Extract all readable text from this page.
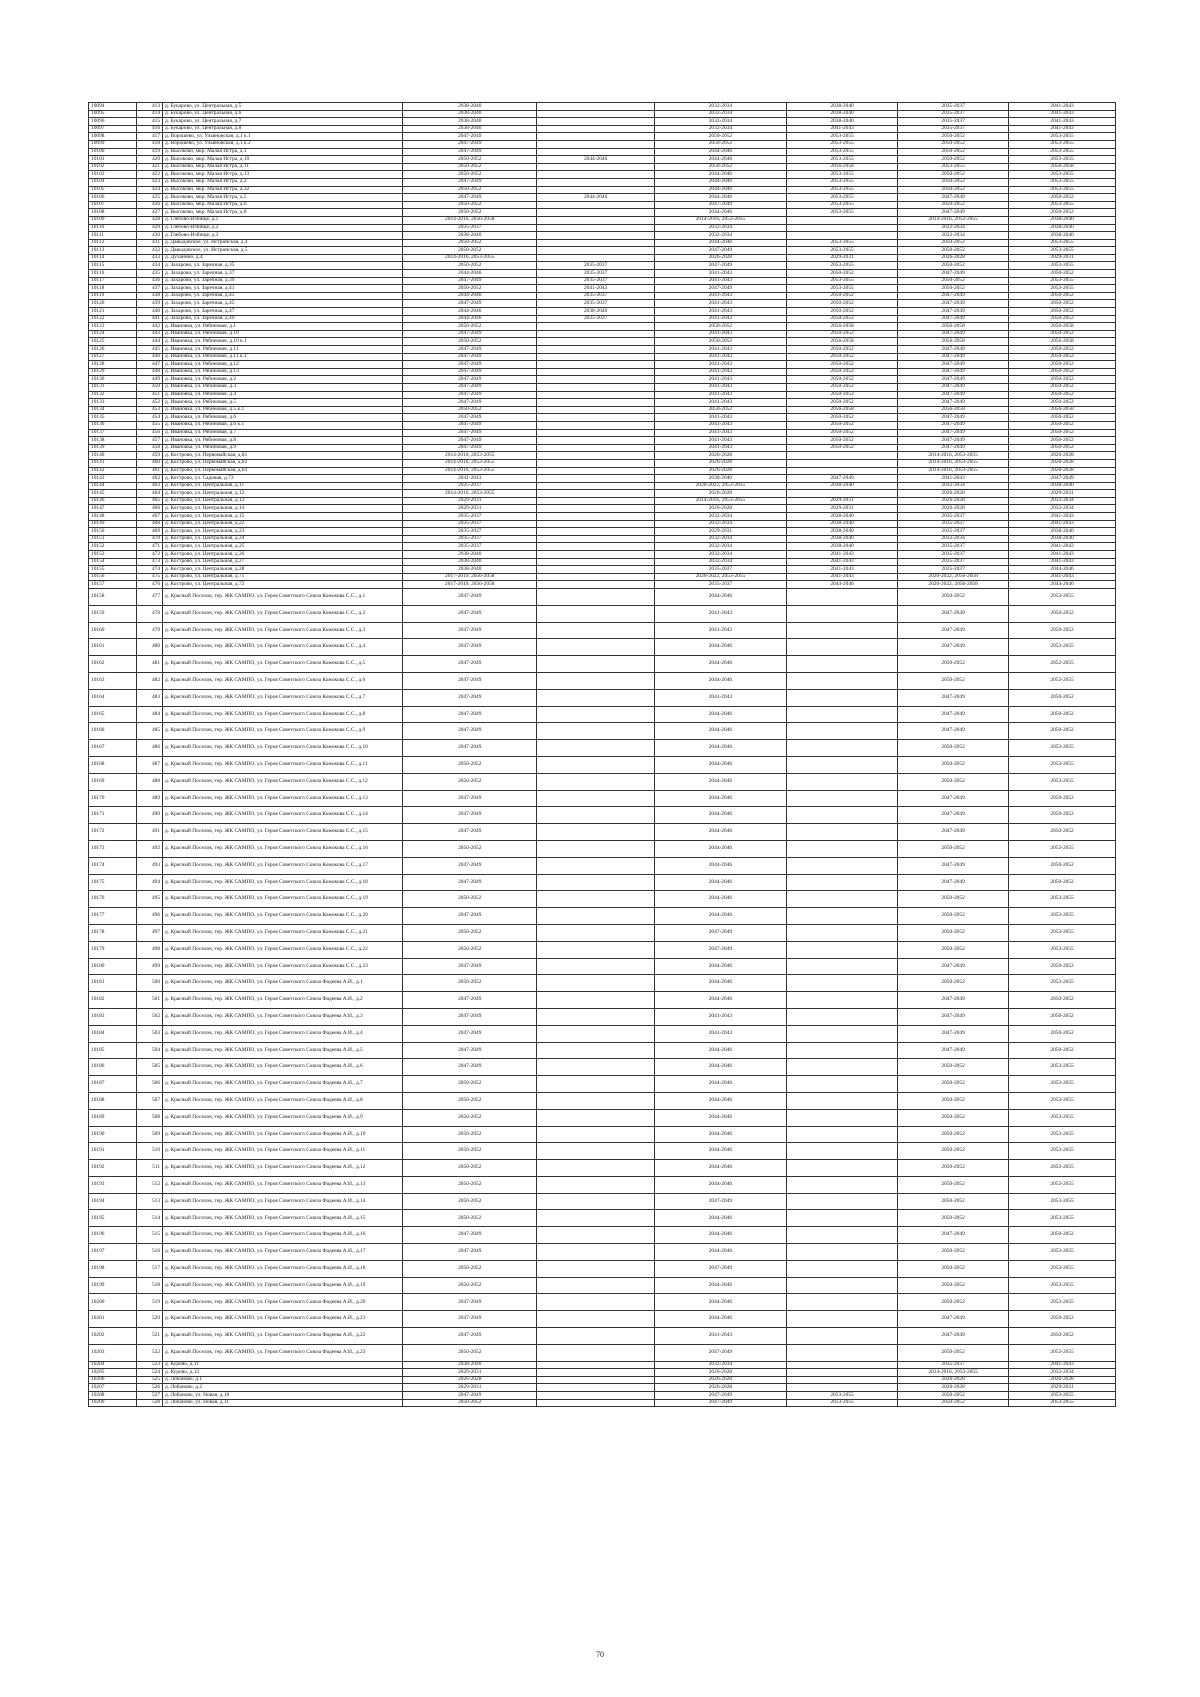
10094	413	д. Букарово, ул. Центральная, д.5	2038-2040		2032-2034	2038-2040	2035-2037	2041-2043
10095	414	д. Букарово, ул. Центральная, д.6	2038-2040		2032-2034	2038-2040	2035-2037	2041-2043
10096	415	д. Букарово, ул. Центральная, д.7	2038-2040		2032-2034	2038-2040	2035-2037	2041-2043
10097	416	д. Букарово, ул. Центральная, д.8	2038-2040		2032-2034	2041-2043	2035-2037	2041-2043
10098	417	д. Ворошево, ул. Ульяновская, д.1 к.1	2047-2049		2050-2052	2053-2055	2050-2052	2053-2055
10099	418	д. Ворошево, ул. Ульяновская, д.1 к.2	2047-2049		2050-2052	2053-2055	2050-2052	2053-2055
10100	419	д. Высоково, мкр. Малая Истра, д.1	2047-2049		2044-2046	2053-2055	2050-2052	2053-2055
10101	420	д. Высоково, мкр. Малая Истра, д.10	2050-2052	2044-2046	2044-2046	2053-2055	2050-2052	2053-2055
10102	421	д. Высоково, мкр. Малая Истра, д.11	2050-2052		2050-2052	2056-2058	2053-2055	2056-2058
10103	422	д. Высоково, мкр. Малая Истра, д.13	2050-2052		2044-2046	2053-2055	2050-2052	2053-2055
10104	423	д. Высоково, мкр. Малая Истра, д.2	2047-2049		2044-2046	2053-2055	2050-2052	2053-2055
10105	424	д. Высоково, мкр. Малая Истра, д.32	2050-2052		2044-2046	2053-2055	2050-2052	2053-2055
10106	425	д. Высоково, мкр. Малая Истра, д.5	2047-2049	2044-2046	2044-2046	2053-2055	2047-2049	2050-2052
10107	426	д. Высоково, мкр. Малая Истра, д.6	2050-2052		2047-2049	2053-2055	2050-2052	2053-2055
10108	427	д. Высоково, мкр. Малая Истра, д.8	2050-2052		2044-2046	2053-2055	2047-2049	2050-2052
10109	428	д. Глебово-Избище, д.1	2014-2016, 2056-2058		2014-2016, 2053-2055		2014-2016, 2053-2055	2038-2040
10110	429	д. Глебово-Избище, д.2	2035-2037		2032-2034		2032-2034	2038-2040
10111	430	д. Глебово-Избище, д.3	2038-2040		2032-2034		2032-2034	2038-2040
10112	431	д. Давыдовское, ул. Истринская, д.4	2050-2052		2044-2046	2053-2055	2050-2052	2053-2055
10113	432	д. Давыдовское, ул. Истринская, д.5	2050-2052		2047-2049	2053-2055	2050-2052	2053-2055
10114	433	д. Духанино, д.4	2014-2016, 2053-2055		2026-2028	2029-2031	2026-2028	2029-2031
10115	434	д. Захарово, ул. Заречная, д.35	2050-2052	2035-2037	2047-2049	2053-2055	2050-2052	2053-2055
10116	435	д. Захарово, ул. Заречная, д.37	2044-2046	2035-2037	2041-2043	2050-2052	2047-2049	2050-2052
10117	436	д. Захарово, ул. Заречная, д.39	2047-2049	2035-2037	2041-2043	2053-2055	2050-2052	2053-2055
10118	437	д. Захарово, ул. Заречная, д.41	2050-2052	2041-2043	2047-2049	2053-2055	2050-2052	2053-2055
10119	438	д. Захарово, ул. Заречная, д.43	2044-2046	2035-2037	2041-2043	2050-2052	2047-2049	2050-2052
10120	439	д. Захарово, ул. Заречная, д.45	2047-2049	2035-2037	2041-2043	2050-2052	2047-2049	2050-2052
10121	440	д. Захарово, ул. Заречная, д.47	2044-2046	2038-2040	2041-2043	2050-2052	2047-2049	2050-2052
10122	441	д. Захарово, ул. Заречная, д.49	2044-2046	2035-2037	2041-2043	2050-2052	2047-2049	2050-2052
10123	442	д. Ивановка, ул. Рябиновая, д.1	2050-2052		2050-2052	2056-2058	2056-2058	2056-2058
10124	443	д. Ивановка, ул. Рябиновая, д.10	2047-2049		2041-2043	2050-2052	2047-2049	2050-2052
10125	444	д. Ивановка, ул. Рябиновая, д.10 к.1	2050-2052		2050-2052	2056-2058	2056-2058	2056-2058
10126	445	д. Ивановка, ул. Рябиновая, д.11	2047-2049		2041-2043	2050-2052	2047-2049	2050-2052
10127	446	д. Ивановка, ул. Рябиновая, д.11 к.1	2047-2049		2041-2043	2050-2052	2047-2049	2050-2052
10128	447	д. Ивановка, ул. Рябиновая, д.12	2047-2049		2041-2043	2050-2052	2047-2049	2050-2052
10129	448	д. Ивановка, ул. Рябиновая, д.13	2047-2049		2041-2043	2050-2052	2047-2049	2050-2052
10130	449	д. Ивановка, ул. Рябиновая, д.2	2047-2049		2041-2043	2050-2052	2047-2049	2050-2052
10131	450	д. Ивановка, ул. Рябиновая, д.3	2047-2049		2041-2043	2050-2052	2047-2049	2050-2052
10132	451	д. Ивановка, ул. Рябиновая, д.4	2047-2049		2041-2043	2050-2052	2047-2049	2050-2052
10133	452	д. Ивановка, ул. Рябиновая, д.5	2047-2049		2041-2043	2050-2052	2047-2049	2050-2052
10134	453	д. Ивановка, ул. Рябиновая, д.5 к.1	2050-2052		2050-2052	2056-2058	2056-2058	2056-2058
10135	454	д. Ивановка, ул. Рябиновая, д.6	2047-2049		2041-2043	2050-2052	2047-2049	2050-2052
10136	455	д. Ивановка, ул. Рябиновая, д.6 к.1	2047-2049		2041-2043	2050-2052	2047-2049	2050-2052
10137	456	д. Ивановка, ул. Рябиновая, д.7	2047-2049		2041-2043	2050-2052	2047-2049	2050-2052
10138	457	д. Ивановка, ул. Рябиновая, д.8	2047-2049		2041-2043	2050-2052	2047-2049	2050-2052
10139	458	д. Ивановка, ул. Рябиновая, д.9	2047-2049		2041-2043	2050-2052	2047-2049	2050-2052
10140	459	д. Кострово, ул. Первомайская, д.81	2014-2016, 2053-2055		2026-2028		2014-2016, 2053-2055	2026-2028
10141	460	д. Кострово, ул. Первомайская, д.82	2014-2016, 2053-2055		2026-2028		2014-2016, 2053-2055	2026-2028
10142	461	д. Кострово, ул. Первомайская, д.83	2014-2016, 2053-2055		2026-2028		2014-2016, 2053-2055	2026-2028
10143	462	д. Кострово, ул. Садовая, д.73	2041-2043		2038-2040	2047-2049	2041-2043	2047-2049
10144	463	д. Кострово, ул. Центральная, д.11	2035-2037		2020-2022, 2053-2055	2038-2040	2032-2034	2038-2040
10145	464	д. Кострово, ул. Центральная, д.12	2014-2016, 2053-2055		2026-2028		2026-2028	2029-2031
10146	465	д. Кострово, ул. Центральная, д.13	2029-2031		2014-2016, 2053-2055	2029-2031	2026-2028	2032-2034
10147	466	д. Кострово, ул. Центральная, д.14	2029-2031		2026-2028	2029-2031	2026-2028	2032-2034
10148	467	д. Кострово, ул. Центральная, д.15	2035-2037		2032-2034	2038-2040	2035-2037	2041-2043
10149	468	д. Кострово, ул. Центральная, д.22	2035-2037		2032-2034	2038-2040	2035-2037	2041-2043
10150	469	д. Кострово, ул. Центральная, д.23	2035-2037		2029-2031	2038-2040	2035-2037	2038-2040
10151	470	д. Кострово, ул. Центральная, д.24	2035-2037		2032-2034	2038-2040	2032-2034	2038-2040
10152	471	д. Кострово, ул. Центральная, д.25	2035-2037		2032-2034	2038-2040	2035-2037	2041-2043
10153	472	д. Кострово, ул. Центральная, д.26	2038-2040		2032-2034	2041-2043	2035-2037	2041-2043
10154	473	д. Кострово, ул. Центральная, д.27	2038-2040		2032-2034	2041-2043	2035-2037	2041-2043
10155	474	д. Кострово, ул. Центральная, д.28	2038-2040		2035-2037	2041-2043	2035-2037	2044-2046
10156	475	д. Кострово, ул. Центральная, д.71	2017-2019, 2056-2058		2020-2022, 2053-2055	2041-2043	2020-2022, 2056-2058	2041-2043
10157	476	д. Кострово, ул. Центральная, д.72	2017-2019, 2056-2058		2035-2037	2044-2046	2020-2022, 2056-2058	2044-2046
10158	477	д. Красный Поселок, тер. ЖК САМПО, ул. Героя Советского Союза Кожокова С.С., д.1	2047-2049		2044-2046		2050-2052	2053-2055
10159	478	д. Красный Поселок, тер. ЖК САМПО, ул. Героя Советского Союза Кожокова С.С., д.2	2047-2049		2041-2043		2047-2049	2050-2052
10160	479	д. Красный Поселок, тер. ЖК САМПО, ул. Героя Советского Союза Кожокова С.С., д.3	2047-2049		2041-2043		2047-2049	2050-2052
10161	480	д. Красный Поселок, тер. ЖК САМПО, ул. Героя Советского Союза Кожокова С.С., д.4	2047-2049		2044-2046		2047-2049	2053-2055
10162	481	д. Красный Поселок, тер. ЖК САМПО, ул. Героя Советского Союза Кожокова С.С., д.5	2047-2049		2044-2046		2050-2052	2052-2055
10163	482	д. Красный Поселок, тер. ЖК САМПО, ул. Героя Советского Союза Кожокова С.С., д.6	2047-2049		2044-2046		2050-2052	2053-2055
10164	483	д. Красный Поселок, тер. ЖК САМПО, ул. Героя Советского Союза Кожокова С.С., д.7	2047-2049		2041-2043		2047-2049	2050-2052
10165	484	д. Красный Поселок, тер. ЖК САМПО, ул. Героя Советского Союза Кожокова С.С., д.8	2047-2049		2044-2046		2047-2049	2050-2052
10166	485	д. Красный Поселок, тер. ЖК САМПО, ул. Героя Советского Союза Кожокова С.С., д.9	2047-2049		2044-2046		2047-2049	2050-2052
10167	486	д. Красный Поселок, тер. ЖК САМПО, ул. Героя Советского Союза Кожокова С.С., д.10	2047-2049		2044-2046		2050-2052	2053-2055
10168	487	д. Красный Поселок, тер. ЖК САМПО, ул. Героя Советского Союза Кожокова С.С., д.11	2050-2052		2044-2046		2050-2052	2053-2055
10169	488	д. Красный Поселок, тер. ЖК САМПО, ул. Героя Советского Союза Кожокова С.С., д.12	2050-2052		2044-2046		2050-2052	2053-2055
10170	489	д. Красный Поселок, тер. ЖК САМПО, ул. Героя Советского Союза Кожокова С.С., д.13	2047-2049		2044-2046		2047-2049	2050-2052
10171	490	д. Красный Поселок, тер. ЖК САМПО, ул. Героя Советского Союза Кожокова С.С., д.14	2047-2049		2044-2046		2047-2049	2050-2052
10172	491	д. Красный Поселок, тер. ЖК САМПО, ул. Героя Советского Союза Кожокова С.С., д.15	2047-2049		2044-2046		2047-2049	2050-2052
10173	492	д. Красный Поселок, тер. ЖК САМПО, ул. Героя Советского Союза Кожокова С.С., д.16	2050-2052		2044-2046		2050-2052	2053-2055
10174	493	д. Красный Поселок, тер. ЖК САМПО, ул. Героя Советского Союза Кожокова С.С., д.17	2047-2049		2044-2046		2047-2049	2050-2052
10175	494	д. Красный Поселок, тер. ЖК САМПО, ул. Героя Советского Союза Кожокова С.С., д.18	2047-2049		2044-2046		2047-2049	2050-2052
10176	495	д. Красный Поселок, тер. ЖК САМПО, ул. Героя Советского Союза Кожокова С.С., д.19	2050-2052		2044-2046		2050-2052	2053-2055
10177	496	д. Красный Поселок, тер. ЖК САМПО, ул. Героя Советского Союза Кожокова С.С., д.20	2047-2049		2044-2046		2050-2052	2053-2055
10178	497	д. Красный Поселок, тер. ЖК САМПО, ул. Героя Советского Союза Кожокова С.С., д.21	2050-2052		2047-2049		2050-2052	2053-2055
10179	498	д. Красный Поселок, тер. ЖК САМПО, ул. Героя Советского Союза Кожокова С.С., д.22	2050-2052		2047-2049		2050-2052	2053-2055
10180	499	д. Красный Поселок, тер. ЖК САМПО, ул. Героя Советского Союза Кожокова С.С., д.23	2047-2049		2044-2046		2047-2049	2050-2052
10181	500	д. Красный Поселок, тер. ЖК САМПО, ул. Героя Советского Союза Фадеева А.И., д.1	2050-2052		2044-2046		2050-2052	2053-2055
10182	501	д. Красный Поселок, тер. ЖК САМПО, ул. Героя Советского Союза Фадеева А.И., д.2	2047-2049		2044-2046		2047-2049	2050-2052
10183	502	д. Красный Поселок, тер. ЖК САМПО, ул. Героя Советского Союза Фадеева А.И., д.3	2047-2049		2041-2043		2047-2049	2050-2052
10184	503	д. Красный Поселок, тер. ЖК САМПО, ул. Героя Советского Союза Фадеева А.И., д.4	2047-2049		2041-2043		2047-2049	2050-2052
10185	504	д. Красный Поселок, тер. ЖК САМПО, ул. Героя Советского Союза Фадеева А.И., д.5	2047-2049		2044-2046		2047-2049	2050-2052
10186	505	д. Красный Поселок, тер. ЖК САМПО, ул. Героя Советского Союза Фадеева А.И., д.6	2047-2049		2044-2046		2050-2052	2053-2055
10187	506	д. Красный Поселок, тер. ЖК САМПО, ул. Героя Советского Союза Фадеева А.И., д.7	2050-2052		2044-2046		2050-2052	2053-2055
10188	507	д. Красный Поселок, тер. ЖК САМПО, ул. Героя Советского Союза Фадеева А.И., д.8	2050-2052		2044-2046		2050-2052	2053-2055
10189	508	д. Красный Поселок, тер. ЖК САМПО, ул. Героя Советского Союза Фадеева А.И., д.9	2050-2052		2044-2046		2050-2052	2053-2055
10190	509	д. Красный Поселок, тер. ЖК САМПО, ул. Героя Советского Союза Фадеева А.И., д.10	2050-2052		2044-2046		2050-2052	2053-2055
10191	510	д. Красный Поселок, тер. ЖК САМПО, ул. Героя Советского Союза Фадеева А.И., д.11	2050-2052		2044-2046		2050-2052	2053-2055
10192	511	д. Красный Поселок, тер. ЖК САМПО, ул. Героя Советского Союза Фадеева А.И., д.12	2050-2052		2044-2046		2050-2052	2053-2055
10193	512	д. Красный Поселок, тер. ЖК САМПО, ул. Героя Советского Союза Фадеева А.И., д.13	2050-2052		2044-2046		2050-2052	2053-2055
10194	513	д. Красный Поселок, тер. ЖК САМПО, ул. Героя Советского Союза Фадеева А.И., д.14	2050-2052		2047-2049		2050-2052	2053-2055
10195	514	д. Красный Поселок, тер. ЖК САМПО, ул. Героя Советского Союза Фадеева А.И., д.15	2050-2052		2044-2046		2050-2052	2053-2055
10196	515	д. Красный Поселок, тер. ЖК САМПО, ул. Героя Советского Союза Фадеева А.И., д.16	2047-2049		2044-2046		2047-2049	2050-2052
10197	516	д. Красный Поселок, тер. ЖК САМПО, ул. Героя Советского Союза Фадеева А.И., д.17	2047-2049		2044-2046		2050-2052	2053-2055
10198	517	д. Красный Поселок, тер. ЖК САМПО, ул. Героя Советского Союза Фадеева А.И., д.18	2050-2052		2047-2049		2050-2052	2053-2055
10199	518	д. Красный Поселок, тер. ЖК САМПО, ул. Героя Советского Союза Фадеева А.И., д.19	2050-2052		2044-2046		2050-2052	2053-2055
10200	519	д. Красный Поселок, тер. ЖК САМПО, ул. Героя Советского Союза Фадеева А.И., д.20	2047-2049		2044-2046		2050-2052	2053-2055
10201	520	д. Красный Поселок, тер. ЖК САМПО, ул. Героя Советского Союза Фадеева А.И., д.21	2047-2049		2044-2046		2047-2049	2050-2052
10202	521	д. Красный Поселок, тер. ЖК САМПО, ул. Героя Советского Союза Фадеева А.И., д.22	2047-2049		2041-2043		2047-2049	2050-2052
10203	522	д. Красный Поселок, тер. ЖК САМПО, ул. Героя Советского Союза Фадеева А.И., д.23	2050-2052		2047-2049		2050-2052	2053-2055
10204	523	д. Курово, д.11	2038-2040		2032-2034		2035-2037	2041-2043
10205	524	д. Курово, д.12	2029-2031		2026-2028		2014-2016, 2053-2055	2032-2034
10206	525	д. Лобаново, д.1	2026-2028		2026-2028		2026-2028	2026-2028
10207	526	д. Лобаново, д.2	2029-2031		2026-2028		2026-2028	2029-2031
10208	527	д. Лобаново, ул. Новая, д.10	2047-2049		2047-2049	2053-2055	2050-2052	2053-2055
10209	528	д. Лобаново, ул. Новая, д.11	2050-2052		2047-2049	2053-2055	2050-2052	2053-2055
70
